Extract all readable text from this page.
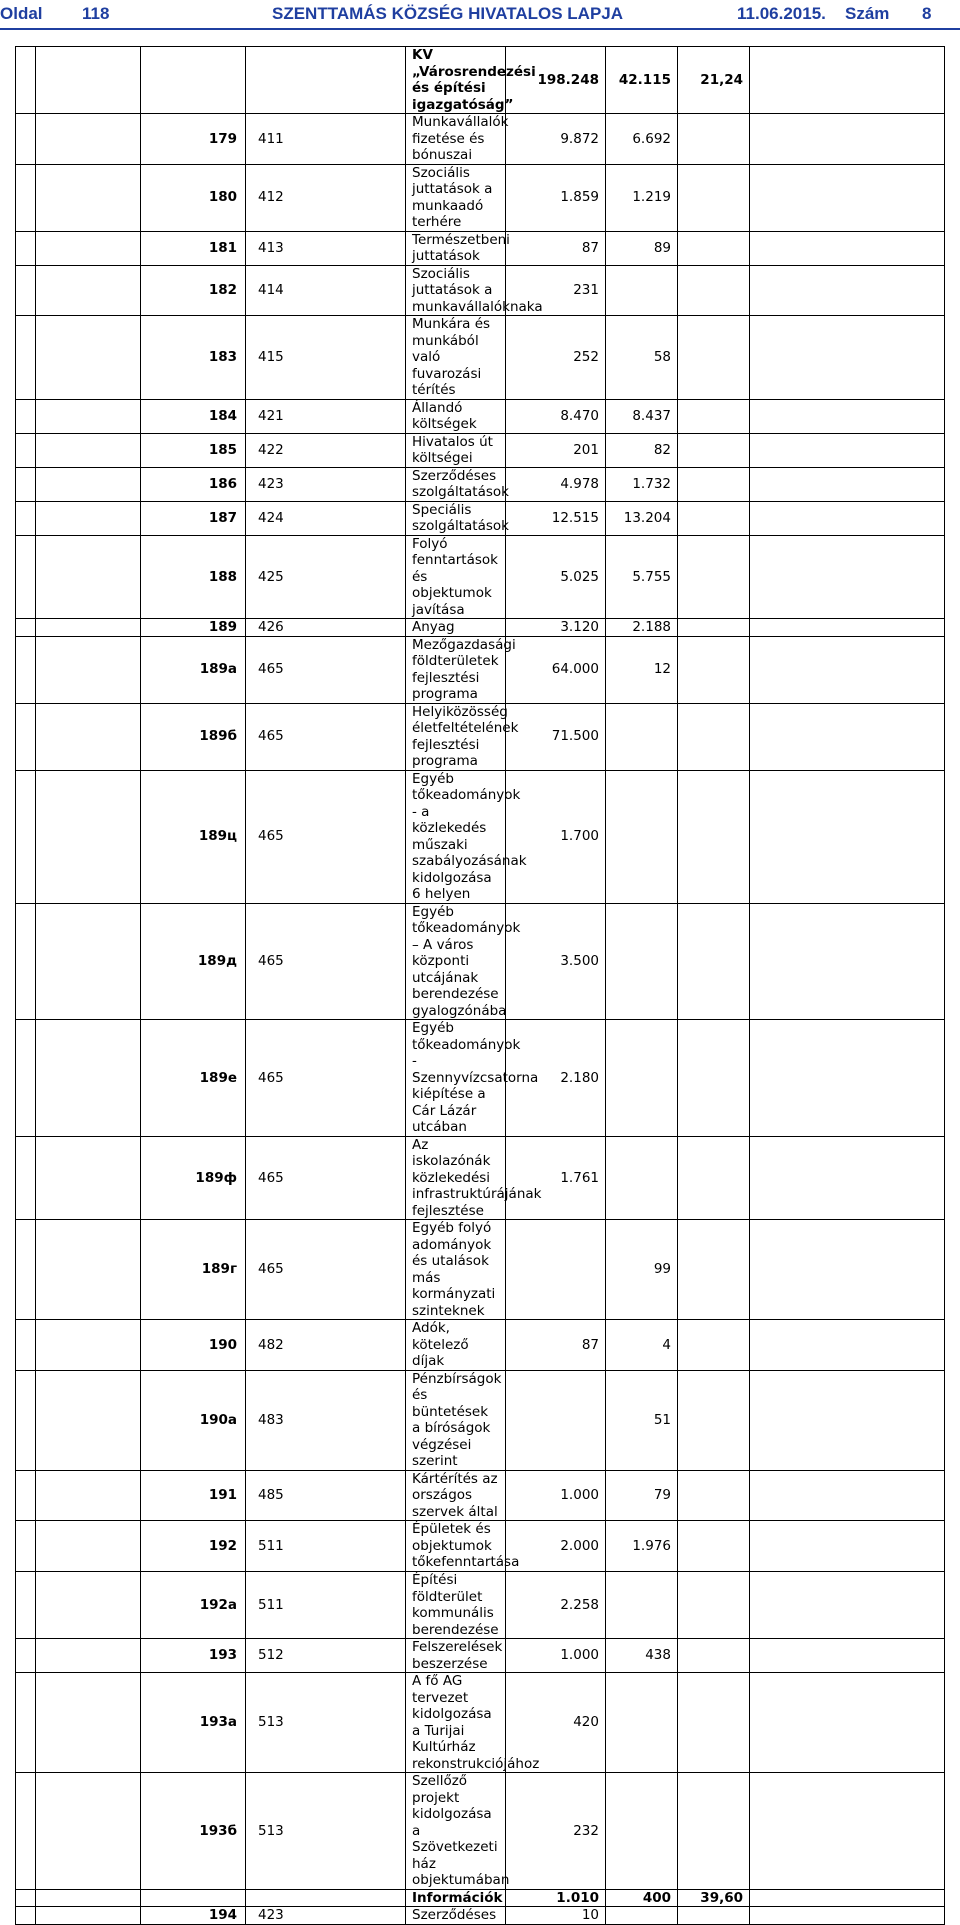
Oldal 118	SZENTTAMÁS KÖZSÉG HIVATALOS LAPJA	11.06.2015. Szám 8
				KV „Városrendezési és építési igazgatóság”	198.248	42.115	21,24	
		179	411	Munkavállalók fizetése és bónuszai	9.872	6.692		
		180	412	Szociális juttatások a munkaadó terhére	1.859	1.219		
		181	413	Természetbeni juttatások	87	89		
		182	414	Szociális juttatások a munkavállalóknaka	231			
		183	415	Munkára és munkából való fuvarozási térítés	252	58		
		184	421	Állandó költségek	8.470	8.437		
		185	422	Hivatalos út költségei	201	82		
		186	423	Szerződéses szolgáltatások	4.978	1.732		
		187	424	Speciális szolgáltatások	12.515	13.204		
		188	425	Folyó fenntartások és objektumok javítása	5.025	5.755		
		189	426	Anyag	3.120	2.188		
		189a	465	Mezőgazdasági földterületek fejlesztési programa	64.000	12		
		189б	465	Helyiközösség életfeltételének fejlesztési programa	71.500			
		189ц	465	Egyéb tőkeadományok - a közlekedés műszaki szabályozásának kidolgozása 6 helyen	1.700			
		189д	465	Egyéb tőkeadományok – A város központi utcájának berendezése gyalogzónába	3.500			
		189e	465	Egyéb tőkeadományok -Szennyvízcsatorna kiépítése a Cár Lázár utcában	2.180			
		189ф	465	Az iskolazónák közlekedési infrastruktúrájának fejlesztése	1.761			
		189г	465	Egyéb folyó adományok és utalások más kormányzati szinteknek		99		
		190	482	Adók, kötelező díjak	87	4		
		190a	483	Pénzbírságok és büntetések a bíróságok végzései szerint		51		
		191	485	Kártérítés az országos szervek által	1.000	79		
		192	511	Épületek és objektumok tőkefenntartása	2.000	1.976		
		192a	511	Építési földterület kommunális berendezése	2.258			
		193	512	Felszerelések beszerzése	1.000	438		
		193a	513	A fő AG tervezet kidolgozása a Turijai Kultúrház rekonstrukciójához	420			
		193б	513	Szellőző projekt kidolgozása a Szövetkezeti ház objektumában	232			
				Információk	1.010	400	39,60	
		194	423	Szerződéses	10			
